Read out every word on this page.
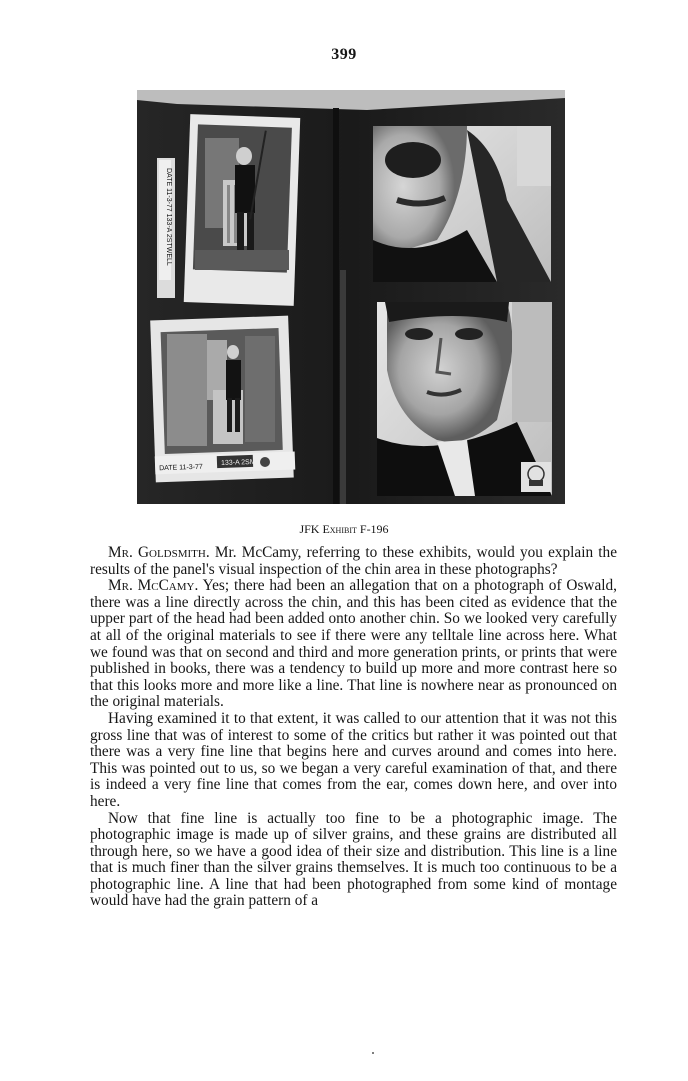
399
DATE 11-3-77 133-A 2STWELL
DATE 11-3-77
133-A 2SM
JFK Exhibit F-196

Mr. Goldsmith. Mr. McCamy, referring to these exhibits, would you explain the results of the panel's visual inspection of the chin area in these photographs?

Mr. McCamy. Yes; there had been an allegation that on a photograph of Oswald, there was a line directly across the chin, and this has been cited as evidence that the upper part of the head had been added onto another chin. So we looked very carefully at all of the original materials to see if there were any telltale line across here. What we found was that on second and third and more generation prints, or prints that were published in books, there was a tendency to build up more and more contrast here so that this looks more and more like a line. That line is nowhere near as pronounced on the original materials.

Having examined it to that extent, it was called to our attention that it was not this gross line that was of interest to some of the critics but rather it was pointed out that there was a very fine line that begins here and curves around and comes into here. This was pointed out to us, so we began a very careful examination of that, and there is indeed a very fine line that comes from the ear, comes down here, and over into here.

Now that fine line is actually too fine to be a photographic image. The photographic image is made up of silver grains, and these grains are distributed all through here, so we have a good idea of their size and distribution. This line is a line that is much finer than the silver grains themselves. It is much too continuous to be a photographic line. A line that had been photographed from some kind of montage would have had the grain pattern of a
